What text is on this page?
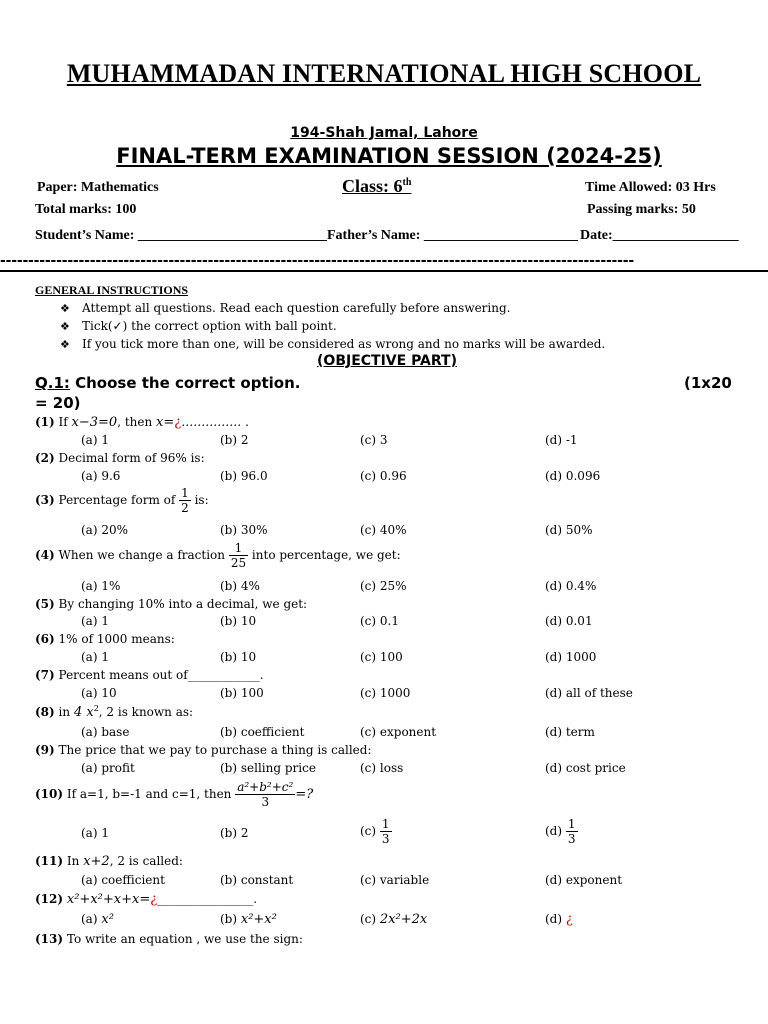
MUHAMMADAN INTERNATIONAL HIGH SCHOOL
194-Shah Jamal, Lahore
FINAL-TERM EXAMINATION SESSION (2024-25)
Paper: Mathematics	Class: 6th	Time Allowed: 03 Hrs
Total marks: 100	Passing marks: 50
Student’s Name: ___________________________ Father’s Name: ______________________ Date:__________________
-----------------------------------------------------------------------------------------------------------------
GENERAL INSTRUCTIONS
❖ Attempt all questions. Read each question carefully before answering.
❖ Tick(✓) the correct option with ball point.
❖ If you tick more than one, will be considered as wrong and no marks will be awarded.
(OBJECTIVE PART)
Q.1: Choose the correct option.	(1x20
= 20)
(1) If x−3=0, then x=¿…………… .
(a) 1	(b) 2	(c) 3	(d) -1
(2) Decimal form of 96% is:
(a) 9.6	(b) 96.0	(c) 0.96	(d) 0.096
(3) Percentage form of $\frac{1}{2}$ is:
(a) 20%	(b) 30%	(c) 40%	(d) 50%
(4) When we change a fraction $\frac{1}{25}$ into percentage, we get:
(a) 1%	(b) 4%	(c) 25%	(d) 0.4%
(5) By changing 10% into a decimal, we get:
(a) 1	(b) 10	(c) 0.1	(d) 0.01
(6) 1% of 1000 means:
(a) 1	(b) 10	(c) 100	(d) 1000
(7) Percent means out of____________.
(a) 10	(b) 100	(c) 1000	(d) all of these
(8) in 4 $x^2$, 2 is known as:
(a) base	(b) coefficient	(c) exponent	(d) term
(9) The price that we pay to purchase a thing is called:
(a) profit	(b) selling price	(c) loss	(d) cost price
(10) If a=1, b=-1 and c=1, then $\frac{\text{a²+b²+c²}}{3}$ =?
(a) 1	(b) 2	$(c) \frac{1}{3}$	$(d) \frac{1}{3}$
(11) In x+2, 2 is called:
(a) coefficient	(b) constant	(c) variable	(d) exponent
(12) x²+x²+x+x=¿________________.
(a) x²	(b) x²+x²	(c) 2x²+2x	(d) ¿
(13) To write an equation , we use the sign:
